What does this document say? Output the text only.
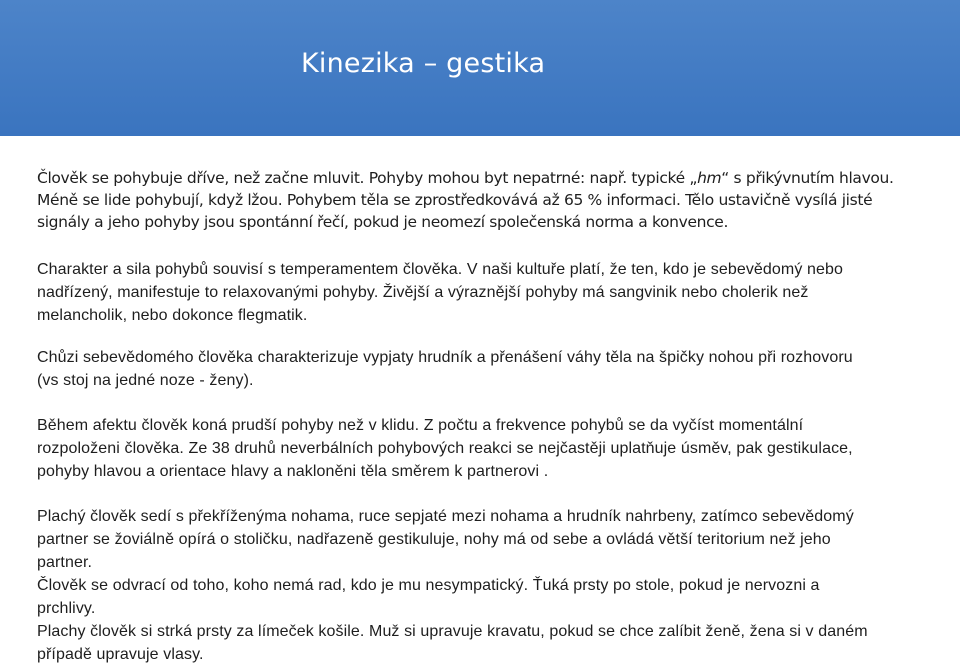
Kinezika – gestika
Člověk se pohybuje dříve, než začne mluvit. Pohyby mohou byt nepatrné: např. typické „hm“ s přikývnutím hlavou.
Méně se lide pohybují, když lžou. Pohybem těla se zprostředkovává až 65 % informaci. Tělo ustavičně vysílá jisté
signály a jeho pohyby jsou spontánní řečí, pokud je neomezí společenská norma a konvence.
Charakter a sila pohybů souvisí s temperamentem člověka. V naši kultuře platí, že ten, kdo je sebevědomý nebo
nadřízený, manifestuje to relaxovanými pohyby. Živější a výraznější pohyby má sangvinik nebo cholerik než
melancholik, nebo dokonce flegmatik.
Chůzi sebevědomého člověka charakterizuje vypjaty hrudník a přenášení váhy těla na špičky nohou při rozhovoru
(vs stoj na jedné noze - ženy).
Během afektu člověk koná prudší pohyby než v klidu. Z počtu a frekvence pohybů se da vyčíst momentální
rozpoloženi člověka. Ze 38 druhů neverbálních pohybových reakci se nejčastěji uplatňuje úsměv, pak gestikulace,
pohyby hlavou a orientace hlavy a nakloněni těla směrem k partnerovi .
Plachý člověk sedí s překříženýma nohama, ruce sepjaté mezi nohama a hrudník nahrbeny, zatímco sebevědomý
partner se žoviálně opírá o stoličku, nadřazeně gestikuluje, nohy má od sebe a ovládá větší teritorium než jeho
partner.
Člověk se odvrací od toho, koho nemá rad, kdo je mu nesympatický. Ťuká prsty po stole, pokud je nervozni a
prchlivy.
Plachy člověk si strká prsty za límeček košile. Muž si upravuje kravatu, pokud se chce zalíbit ženě, žena si v daném
případě upravuje vlasy.
